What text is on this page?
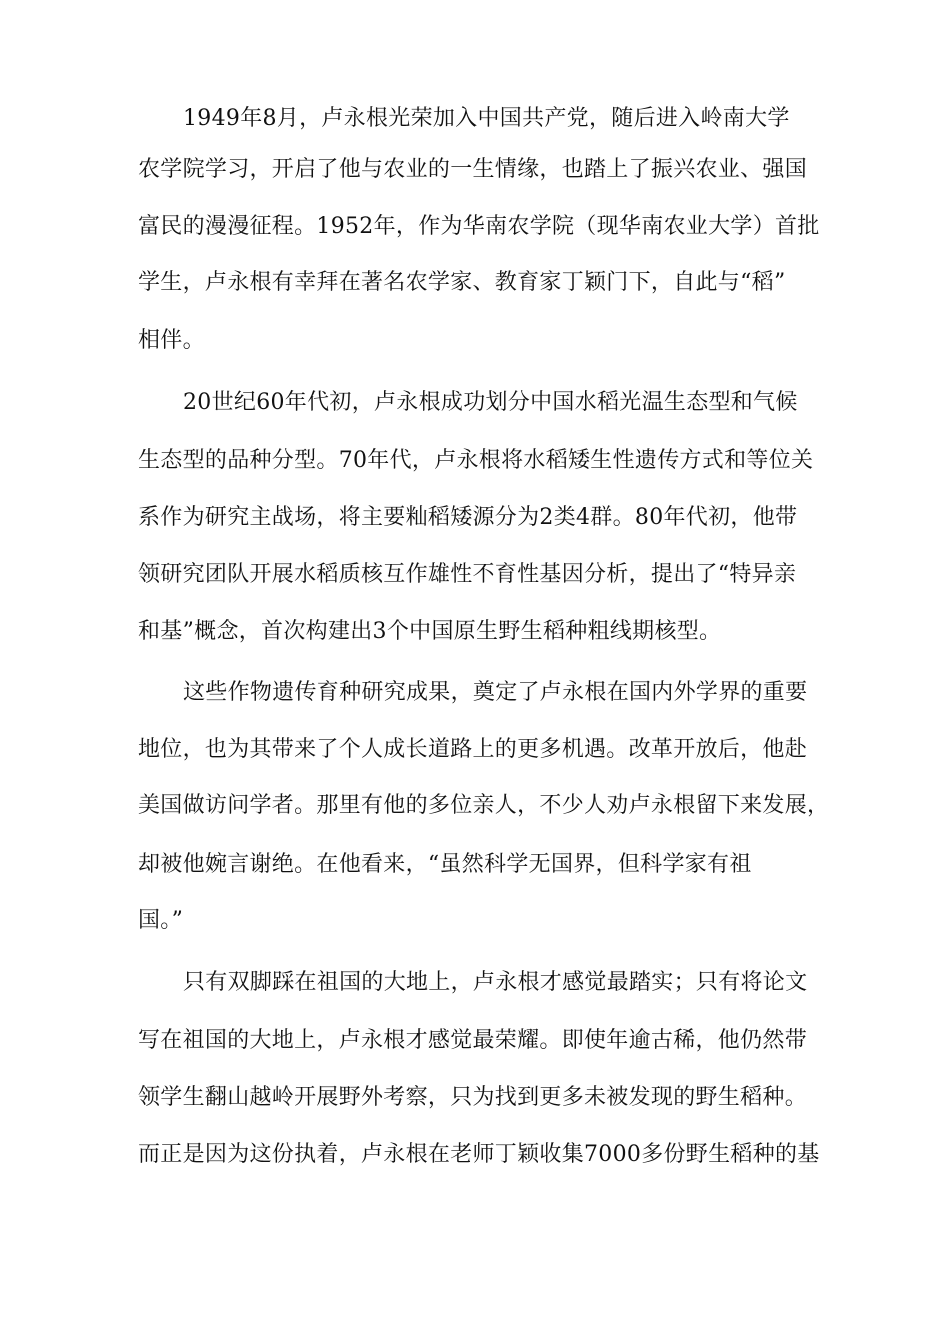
1949年8月，卢永根光荣加入中国共产党，随后进入岭南大学
农学院学习，开启了他与农业的一生情缘，也踏上了振兴农业、强国
富民的漫漫征程。1952年，作为华南农学院（现华南农业大学）首批
学生，卢永根有幸拜在著名农学家、教育家丁颖门下，自此与“稻”
相伴。
20世纪60年代初，卢永根成功划分中国水稻光温生态型和气候
生态型的品种分型。70年代，卢永根将水稻矮生性遗传方式和等位关
系作为研究主战场，将主要籼稻矮源分为2类4群。80年代初，他带
领研究团队开展水稻质核互作雄性不育性基因分析，提出了“特异亲
和基”概念，首次构建出3个中国原生野生稻种粗线期核型。
这些作物遗传育种研究成果，奠定了卢永根在国内外学界的重要
地位，也为其带来了个人成长道路上的更多机遇。改革开放后，他赴
美国做访问学者。那里有他的多位亲人，不少人劝卢永根留下来发展，
却被他婉言谢绝。在他看来，“虽然科学无国界，但科学家有祖
国。”
只有双脚踩在祖国的大地上，卢永根才感觉最踏实；只有将论文
写在祖国的大地上，卢永根才感觉最荣耀。即使年逾古稀，他仍然带
领学生翻山越岭开展野外考察，只为找到更多未被发现的野生稻种。
而正是因为这份执着，卢永根在老师丁颖收集7000多份野生稻种的基
